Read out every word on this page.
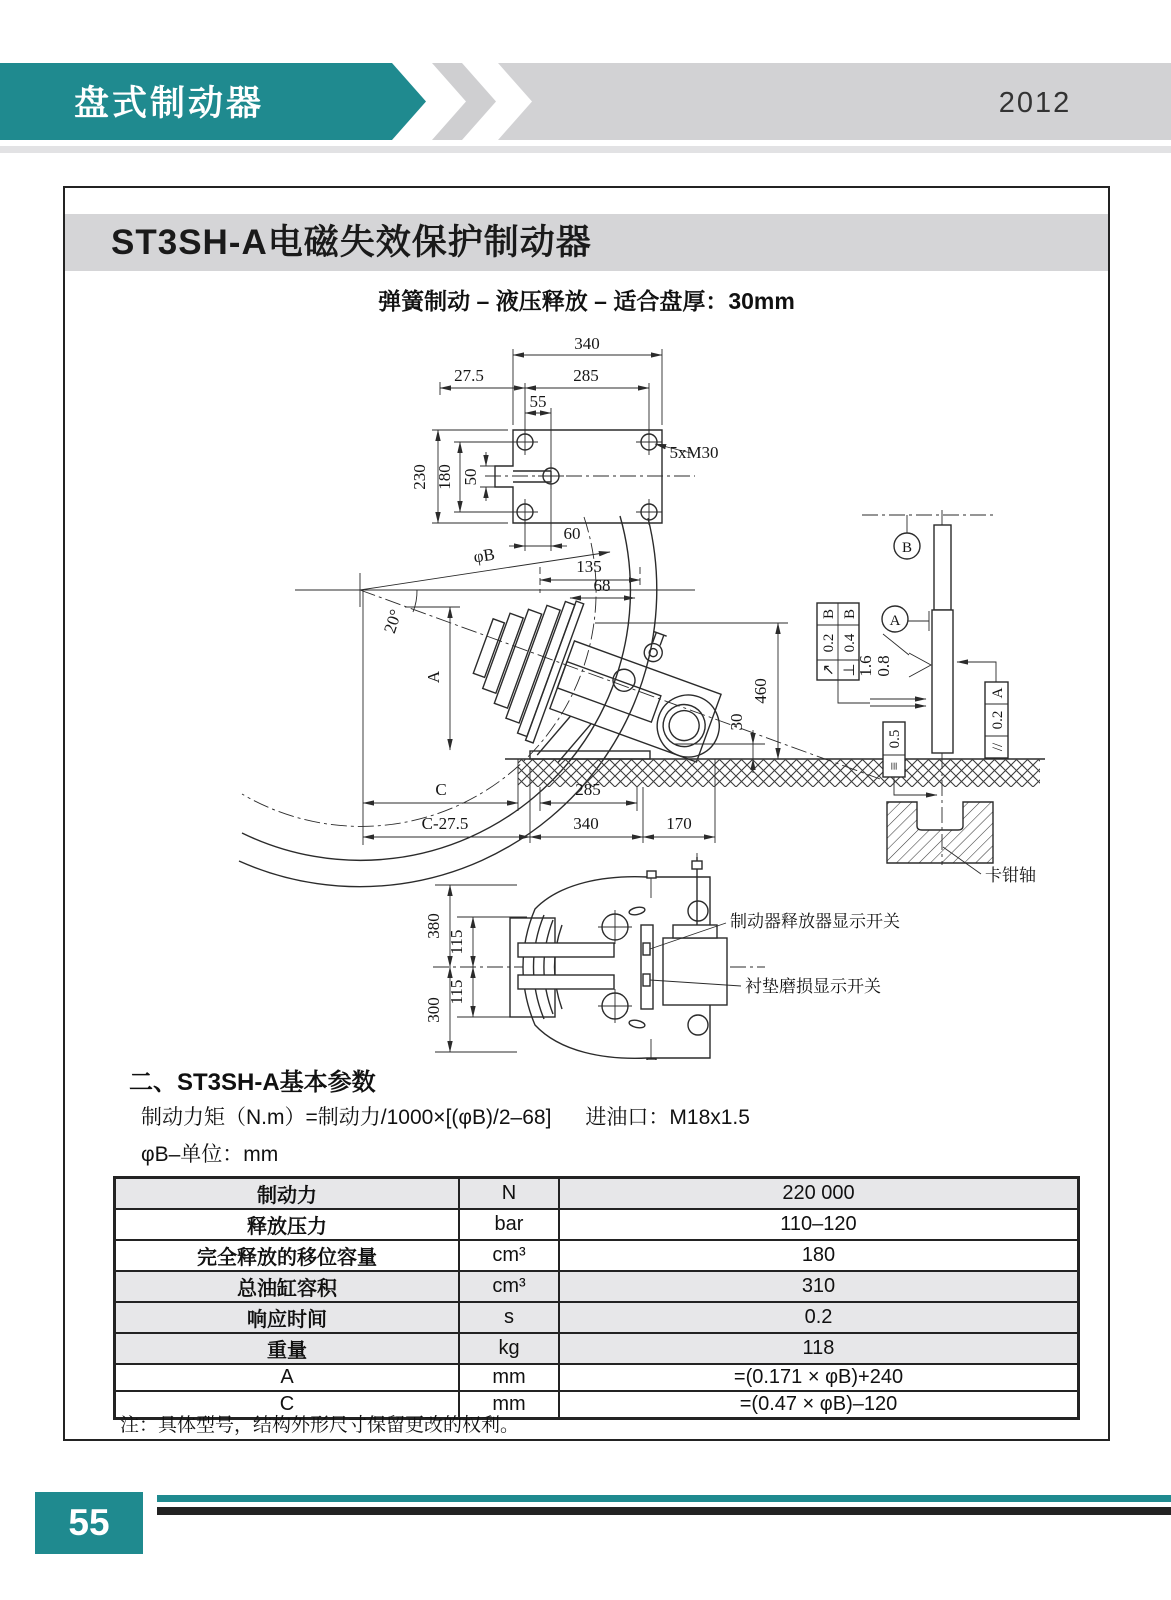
盘式制动器	2012
ST3SH-A电磁失效保护制动器
弹簧制动 – 液压释放 – 适合盘厚：30mm
340
27.5	285
55
230 180 50
60
5xM30
φB
20°
135
68
A
460
30
C	285
C-27.5	340	170
B
A
↗
0.2
B
⊥
0.4
B
1.6 0.8
≡
0.5	//
0.2
A
卡钳轴
380
300
115
115
制动器释放器显示开关
衬垫磨损显示开关
二、ST3SH-A基本参数
制动力矩（N.m）=制动力/1000×[(φB)/2–68] 进油口：M18x1.5
φB–单位：mm
制动力	N	220 000
释放压力	bar	110–120
完全释放的移位容量	cm³	180
总油缸容积	cm³	310
响应时间	s	0.2
重量	kg	118
A	mm	=(0.171 × φB)+240
C	mm	=(0.47 × φB)–120
注：具体型号，结构外形尺寸保留更改的权利。
55
